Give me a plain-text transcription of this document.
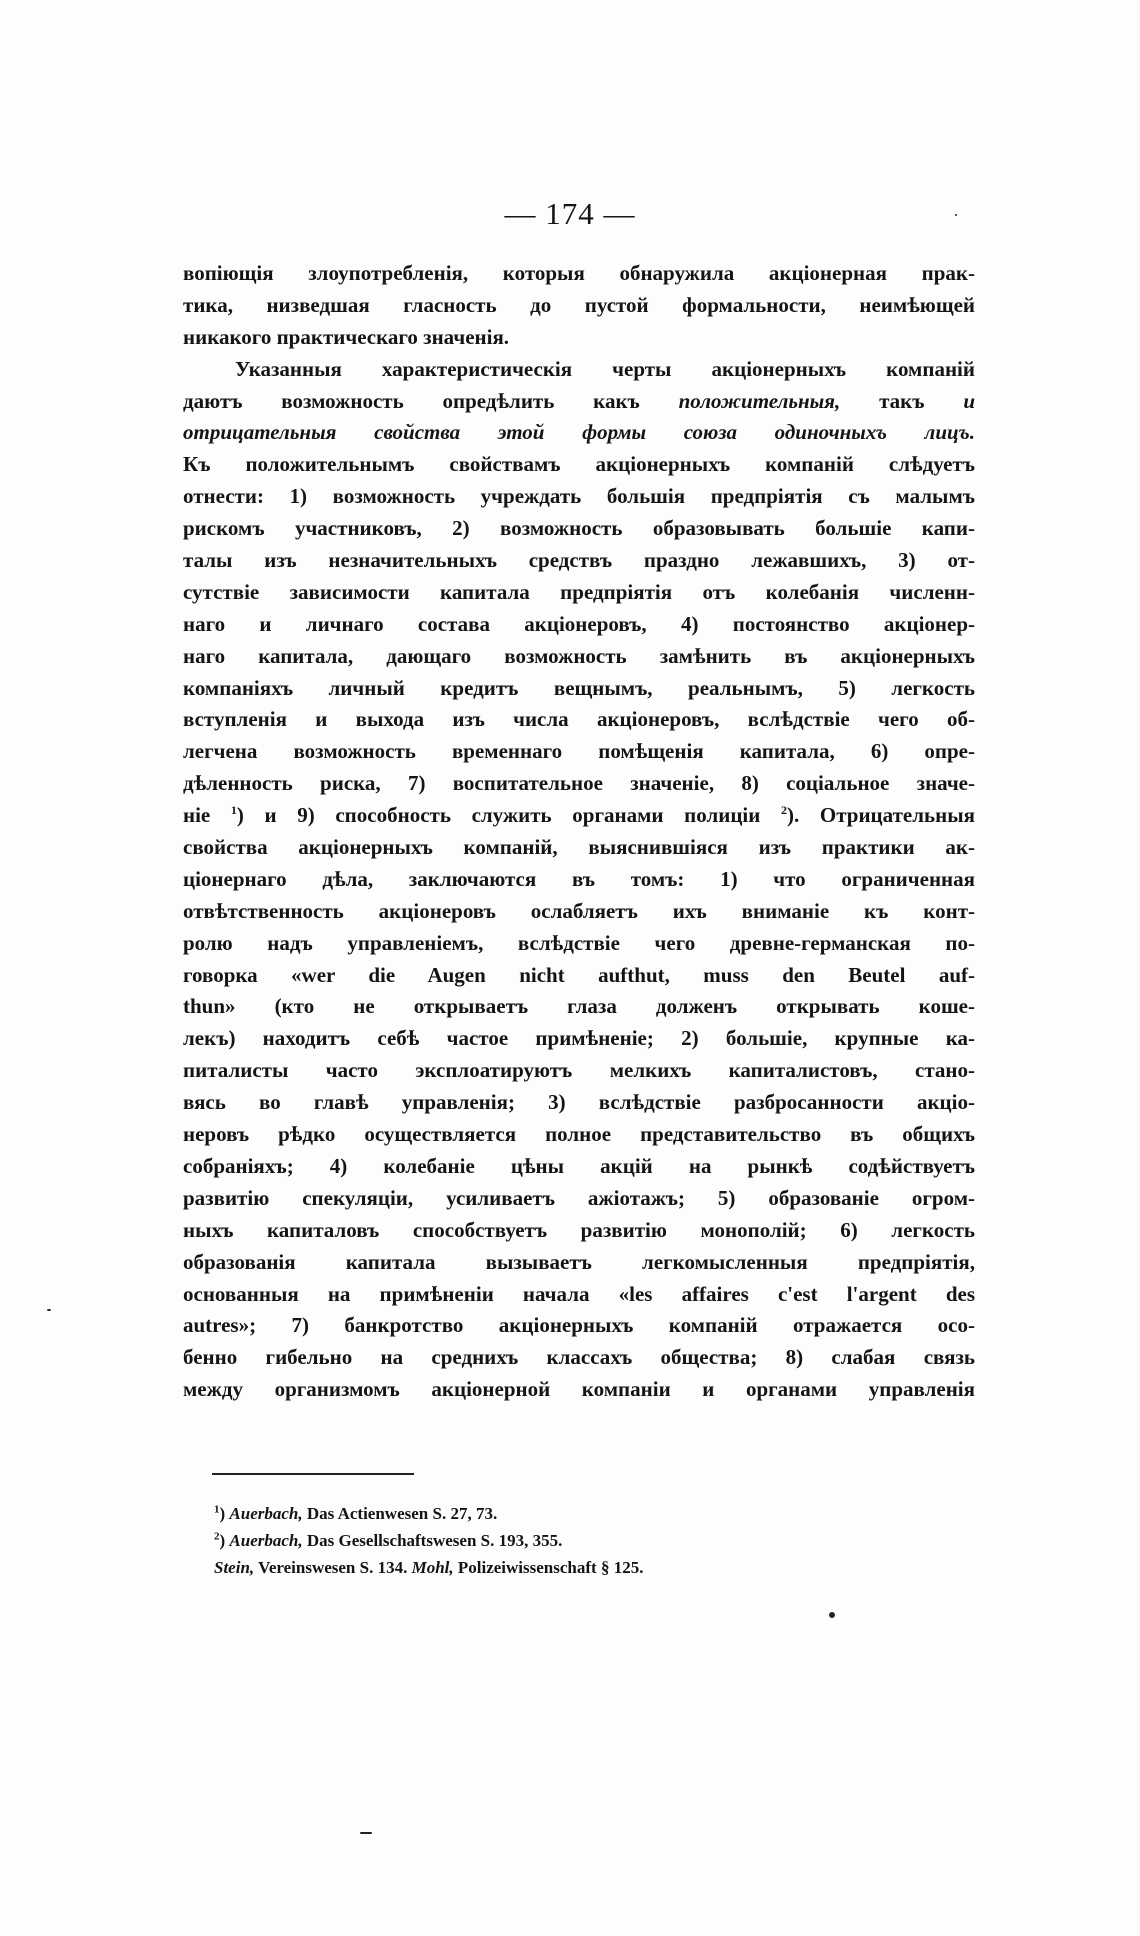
— 174 —
вопіющія злоупотребленія, которыя обнаружила акціонерная прак-
тика, низведшая гласность до пустой формальности, неимѣющей
никакого практическаго значенія.
Указанныя характеристическія черты акціонерныхъ компаній
даютъ возможность опредѣлить какъ положительныя, такъ и
отрицательныя свойства этой формы союза одиночныхъ лицъ.
Къ положительнымъ свойствамъ акціонерныхъ компаній слѣдуетъ
отнести: 1) возможность учреждать большія предпріятія съ малымъ
рискомъ участниковъ, 2) возможность образовывать большіе капи-
талы изъ незначительныхъ средствъ праздно лежавшихъ, 3) от-
сутствіе зависимости капитала предпріятія отъ колебанія численн-
наго и личнаго состава акціонеровъ, 4) постоянство акціонер-
наго капитала, дающаго возможность замѣнить въ акціонерныхъ
компаніяхъ личный кредитъ вещнымъ, реальнымъ, 5) легкость
вступленія и выхода изъ числа акціонеровъ, вслѣдствіе чего об-
легчена возможность временнаго помѣщенія капитала, 6) опре-
дѣленность риска, 7) воспитательное значеніе, 8) соціальное значе-
ніе $^1$) и 9) способность служить органами полиціи $^2$). Отрицательныя
свойства акціонерныхъ компаній, выяснившіяся изъ практики ак-
ціонернаго дѣла, заключаются въ томъ: 1) что ограниченная
отвѣтственность акціонеровъ ослабляетъ ихъ вниманіе къ конт-
ролю надъ управленіемъ, вслѣдствіе чего древне-германская по-
говорка «wer die Augen nicht aufthut, muss den Beutel auf-
thun» (кто не открываетъ глаза долженъ открывать коше-
лекъ) находитъ себѣ частое примѣненіе; 2) большіе, крупные ка-
питалисты часто эксплоатируютъ мелкихъ капиталистовъ, стано-
вясь во главѣ управленія; 3) вслѣдствіе разбросанности акціо-
неровъ рѣдко осуществляется полное представительство въ общихъ
собраніяхъ; 4) колебаніе цѣны акцій на рынкѣ содѣйствуетъ
развитію спекуляціи, усиливаетъ ажіотажъ; 5) образованіе огром-
ныхъ капиталовъ способствуетъ развитію монополій; 6) легкость
образованія капитала вызываетъ легкомысленныя предпріятія,
основанныя на примѣненіи начала «les affaires c'est l'argent des
autres»; 7) банкротство акціонерныхъ компаній отражается осо-
бенно гибельно на среднихъ классахъ общества; 8) слабая связь
между организмомъ акціонерной компаніи и органами управленія
$^1$) Auerbach, Das Actienwesen S. 27, 73.
$^2$) Auerbach, Das Gesellschaftswesen S. 193, 355.
Stein, Vereinswesen S. 134. Mohl, Polizeiwissenschaft § 125.
